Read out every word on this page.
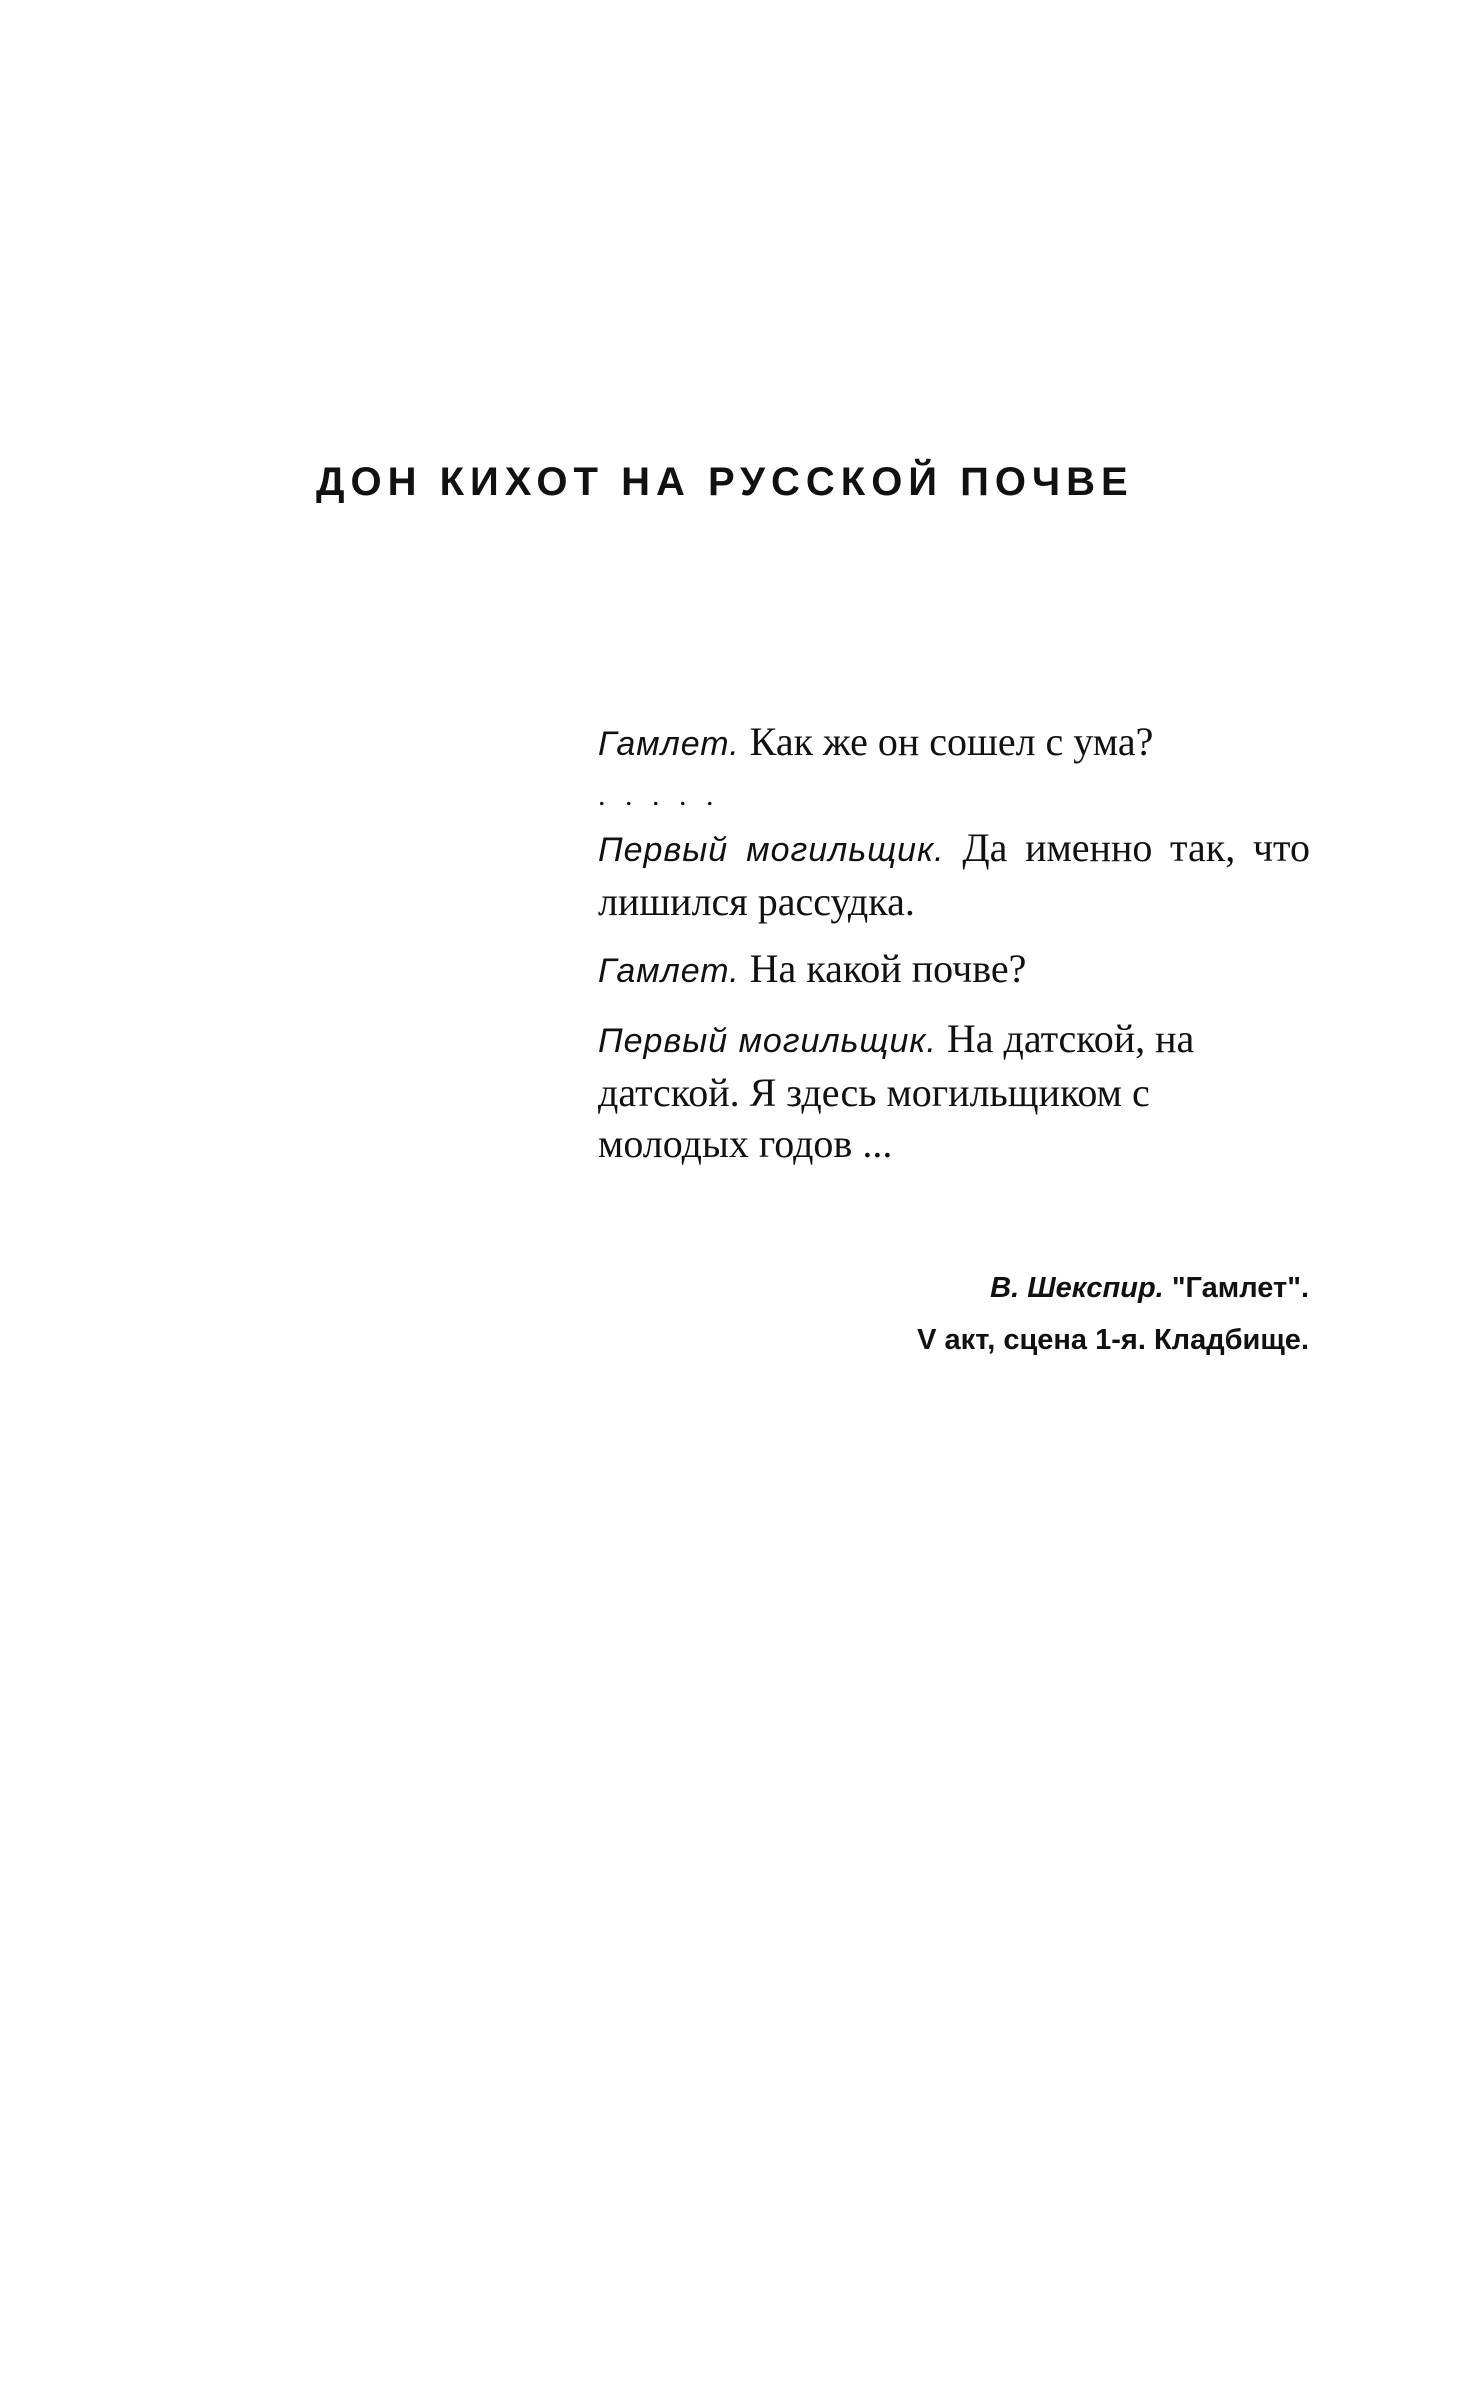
ДОН КИХОТ НА РУССКОЙ ПОЧВЕ

Гамлет. Как же он сошел с ума?

. . . . .

Первый могильщик. Да именно так, что лишился рассудка.

Гамлет. На какой почве?

Первый могильщик. На датской, на датской. Я здесь могильщиком с молодых годов ...

В. Шекспир. "Гамлет".
V акт, сцена 1-я. Кладбище.
